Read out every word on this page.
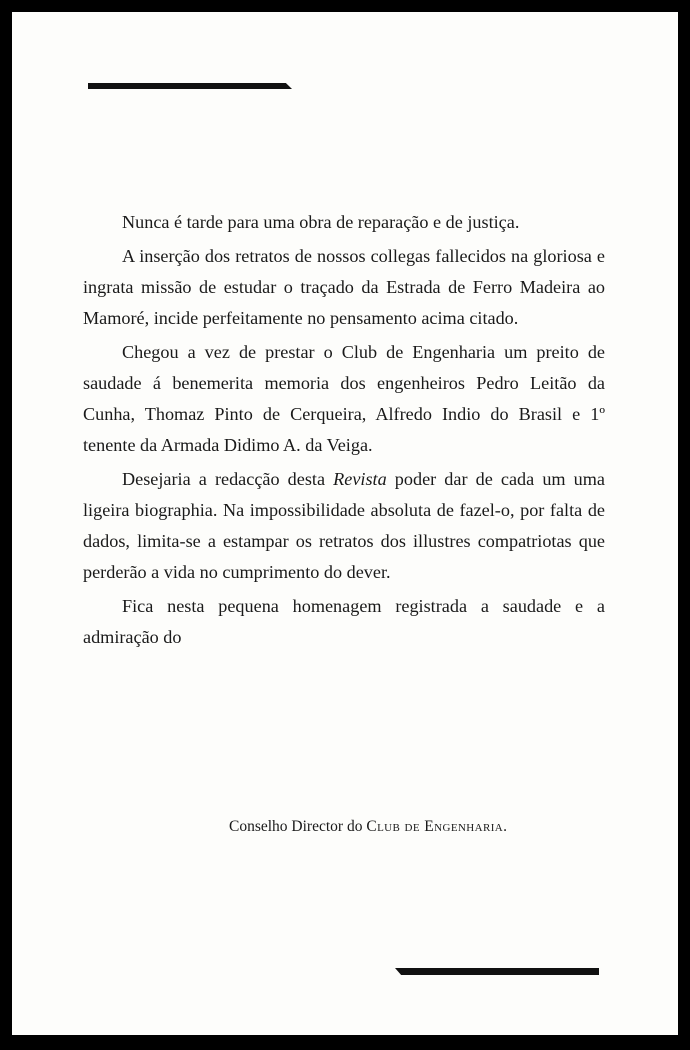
Nunca é tarde para uma obra de reparação e de justiça.

A inserção dos retratos de nossos collegas fallecidos na gloriosa e ingrata missão de estudar o traçado da Estrada de Ferro Madeira ao Mamoré, incide perfeitamente no pensamento acima citado.

Chegou a vez de prestar o Club de Engenharia um preito de saudade á benemerita memoria dos engenheiros Pedro Leitão da Cunha, Thomaz Pinto de Cerqueira, Alfredo Indio do Brasil e 1º tenente da Armada Didimo A. da Veiga.

Desejaria a redacção desta Revista poder dar de cada um uma ligeira biographia. Na impossibilidade absoluta de fazel-o, por falta de dados, limita-se a estampar os retratos dos illustres compatriotas que perderão a vida no cumprimento do dever.

Fica nesta pequena homenagem registrada a saudade e a admiração do

Conselho Director do Club de Engenharia.
